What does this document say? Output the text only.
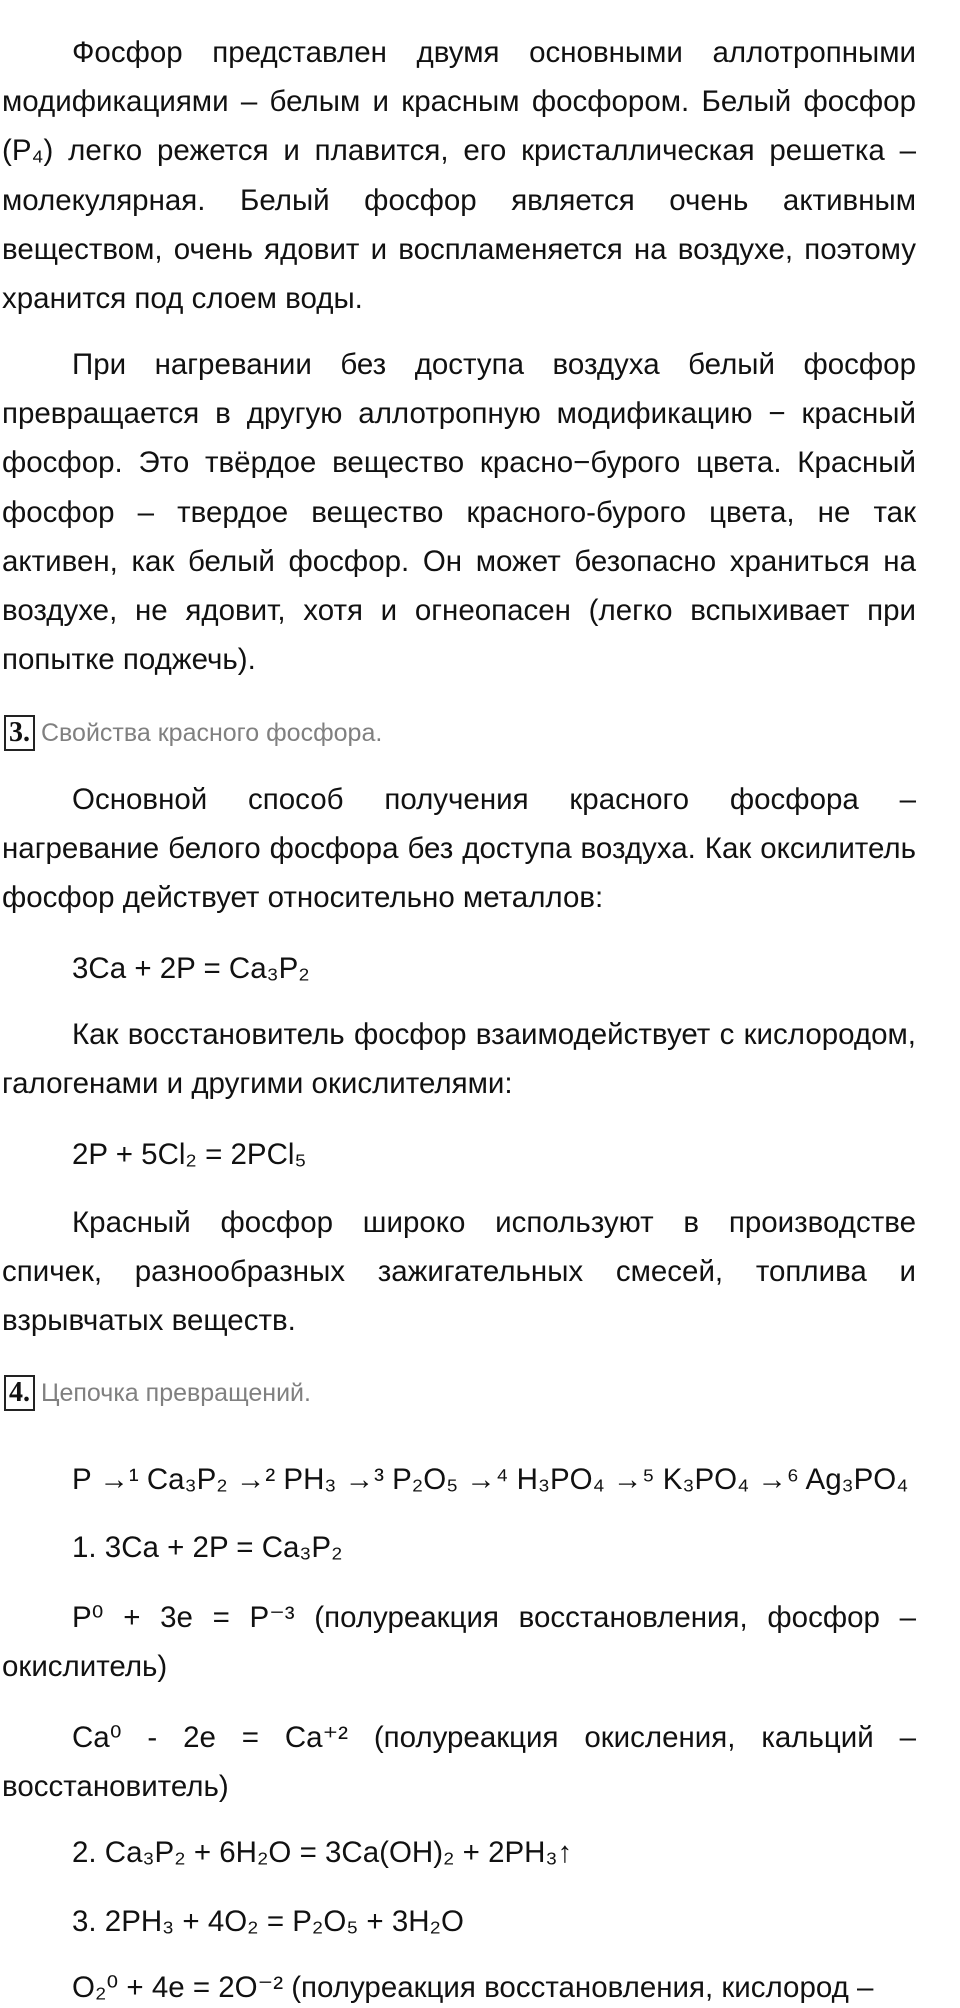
Фосфор представлен двумя основными аллотропными модификациями – белым и красным фосфором. Белый фосфор (P₄) легко режется и плавится, его кристаллическая решетка – молекулярная. Белый фосфор является очень активным веществом, очень ядовит и воспламеняется на воздухе, поэтому хранится под слоем воды.

При нагревании без доступа воздуха белый фосфор превращается в другую аллотропную модификацию − красный фосфор. Это твёрдое вещество красно−бурого цвета. Красный фосфор – твердое вещество красного-бурого цвета, не так активен, как белый фосфор. Он может безопасно храниться на воздухе, не ядовит, хотя и огнеопасен (легко вспыхивает при попытке поджечь).

3. Свойства красного фосфора.

Основной способ получения красного фосфора – нагревание белого фосфора без доступа воздуха. Как оксилитель фосфор действует относительно металлов:

3Ca + 2P = Ca₃P₂

Как восстановитель фосфор взаимодействует с кислородом, галогенами и другими окислителями:

2P + 5Cl₂ = 2PCl₅

Красный фосфор широко используют в производстве спичек, разнообразных зажигательных смесей, топлива и взрывчатых веществ.

4. Цепочка превращений.
P →¹ Ca₃P₂ →² PH₃ →³ P₂O₅ →⁴ H₃PO₄ →⁵ K₃PO₄ →⁶ Ag₃PO₄
1. 3Ca + 2P = Ca₃P₂

P⁰ + 3e = P⁻³ (полуреакция восстановления, фосфор – окислитель)

Ca⁰ - 2e = Ca⁺² (полуреакция окисления, кальций – восстановитель)

2. Ca₃P₂ + 6H₂O = 3Ca(OH)₂ + 2PH₃↑
3. 2PH₃ + 4O₂ = P₂O₅ + 3H₂O
O₂⁰ + 4e = 2O⁻² (полуреакция восстановления, кислород –
